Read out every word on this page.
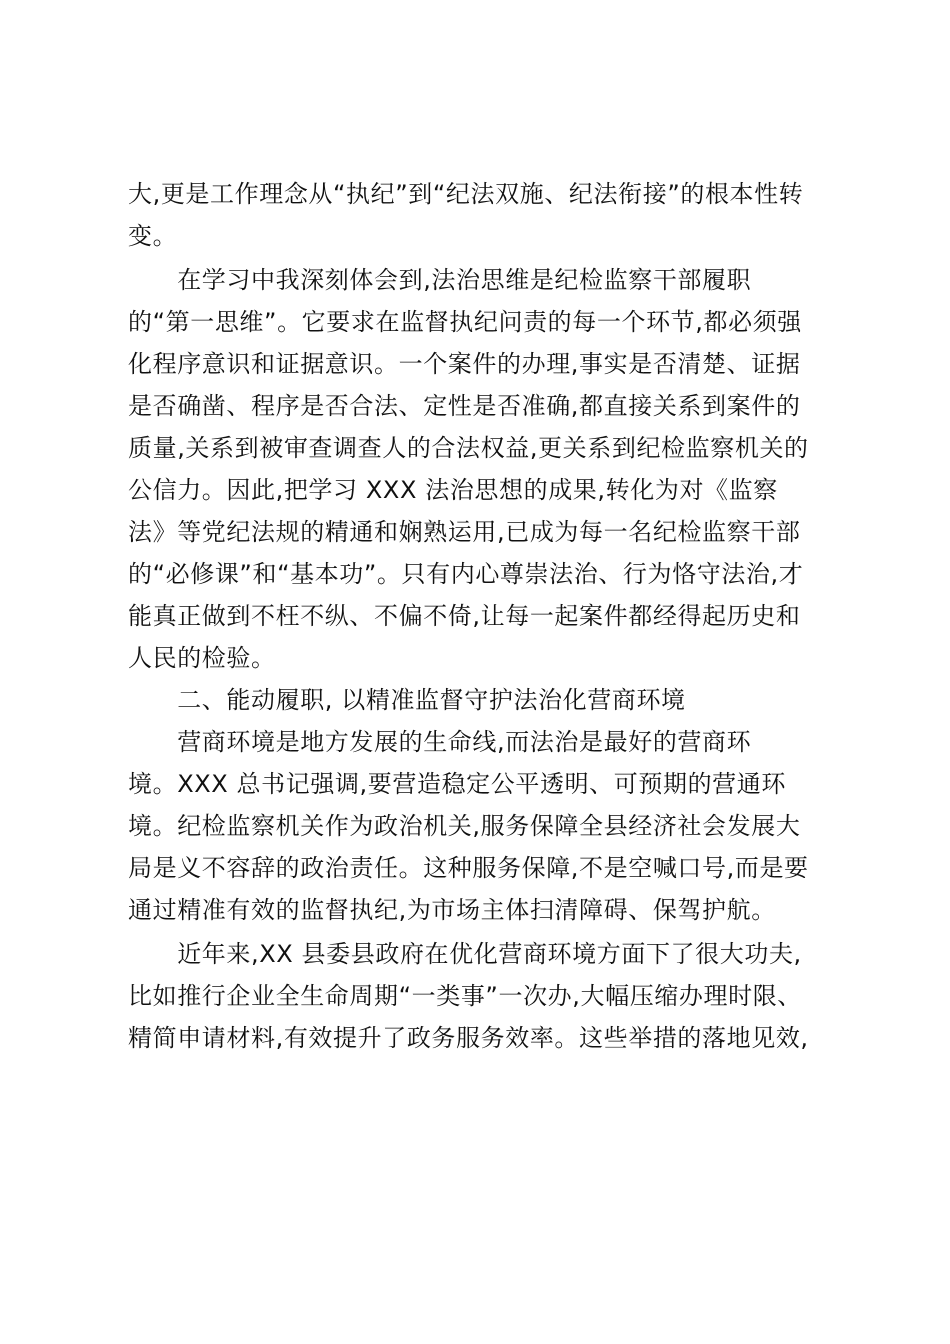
大,更是工作理念从“执纪”到“纪法双施、纪法衔接”的根本性转
变。
　　在学习中我深刻体会到,法治思维是纪检监察干部履职
的“第一思维”。它要求在监督执纪问责的每一个环节,都必须强
化程序意识和证据意识。一个案件的办理,事实是否清楚、证据
是否确凿、程序是否合法、定性是否准确,都直接关系到案件的
质量,关系到被审查调查人的合法权益,更关系到纪检监察机关的
公信力。因此,把学习 XXX 法治思想的成果,转化为对《监察
法》等党纪法规的精通和娴熟运用,已成为每一名纪检监察干部
的“必修课”和“基本功”。只有内心尊崇法治、行为恪守法治,才
能真正做到不枉不纵、不偏不倚,让每一起案件都经得起历史和
人民的检验。
　　二、能动履职, 以精准监督守护法治化营商环境
　　营商环境是地方发展的生命线,而法治是最好的营商环
境。XXX 总书记强调,要营造稳定公平透明、可预期的营通环
境。纪检监察机关作为政治机关,服务保障全县经济社会发展大
局是义不容辞的政治责任。这种服务保障,不是空喊口号,而是要
通过精准有效的监督执纪,为市场主体扫清障碍、保驾护航。
　　近年来,XX 县委县政府在优化营商环境方面下了很大功夫,
比如推行企业全生命周期“一类事”一次办,大幅压缩办理时限、
精简申请材料,有效提升了政务服务效率。这些举措的落地见效,
